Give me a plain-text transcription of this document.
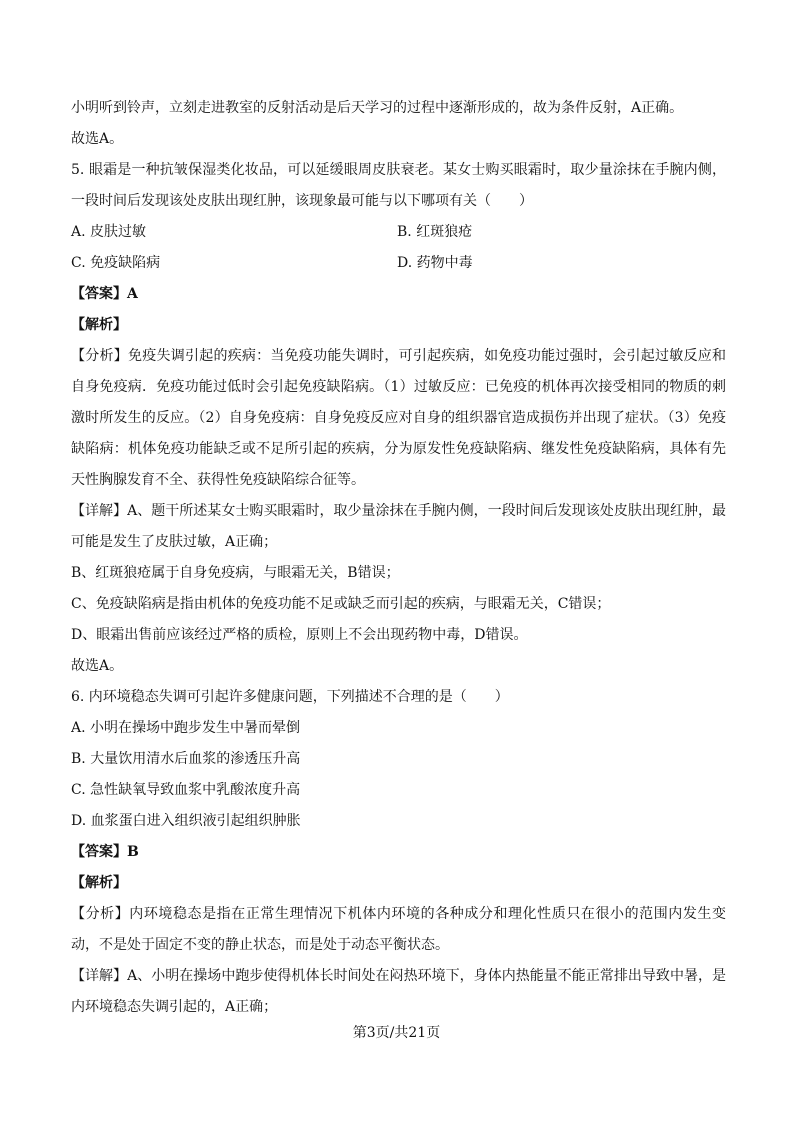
小明听到铃声，立刻走进教室的反射活动是后天学习的过程中逐渐形成的，故为条件反射，A正确。
故选A。
5. 眼霜是一种抗皱保湿类化妆品，可以延缓眼周皮肤衰老。某女士购买眼霜时，取少量涂抹在手腕内侧，一段时间后发现该处皮肤出现红肿，该现象最可能与以下哪项有关（　　）
A. 皮肤过敏	B. 红斑狼疮
C. 免疫缺陷病	D. 药物中毒
【答案】A
【解析】
【分析】免疫失调引起的疾病：当免疫功能失调时，可引起疾病，如免疫功能过强时，会引起过敏反应和自身免疫病．免疫功能过低时会引起免疫缺陷病。（1）过敏反应：已免疫的机体再次接受相同的物质的刺激时所发生的反应。（2）自身免疫病：自身免疫反应对自身的组织器官造成损伤并出现了症状。（3）免疫缺陷病：机体免疫功能缺乏或不足所引起的疾病，分为原发性免疫缺陷病、继发性免疫缺陷病，具体有先天性胸腺发育不全、获得性免疫缺陷综合征等。
【详解】A、题干所述某女士购买眼霜时，取少量涂抹在手腕内侧，一段时间后发现该处皮肤出现红肿，最可能是发生了皮肤过敏，A正确；
B、红斑狼疮属于自身免疫病，与眼霜无关，B错误；
C、免疫缺陷病是指由机体的免疫功能不足或缺乏而引起的疾病，与眼霜无关，C错误；
D、眼霜出售前应该经过严格的质检，原则上不会出现药物中毒，D错误。
故选A。
6. 内环境稳态失调可引起许多健康问题，下列描述不合理的是（　　）
A. 小明在操场中跑步发生中暑而晕倒
B. 大量饮用清水后血浆的渗透压升高
C. 急性缺氧导致血浆中乳酸浓度升高
D. 血浆蛋白进入组织液引起组织肿胀
【答案】B
【解析】
【分析】内环境稳态是指在正常生理情况下机体内环境的各种成分和理化性质只在很小的范围内发生变动，不是处于固定不变的静止状态，而是处于动态平衡状态。
【详解】A、小明在操场中跑步使得机体长时间处在闷热环境下，身体内热能量不能正常排出导致中暑，是内环境稳态失调引起的，A正确；
第3页/共21页
